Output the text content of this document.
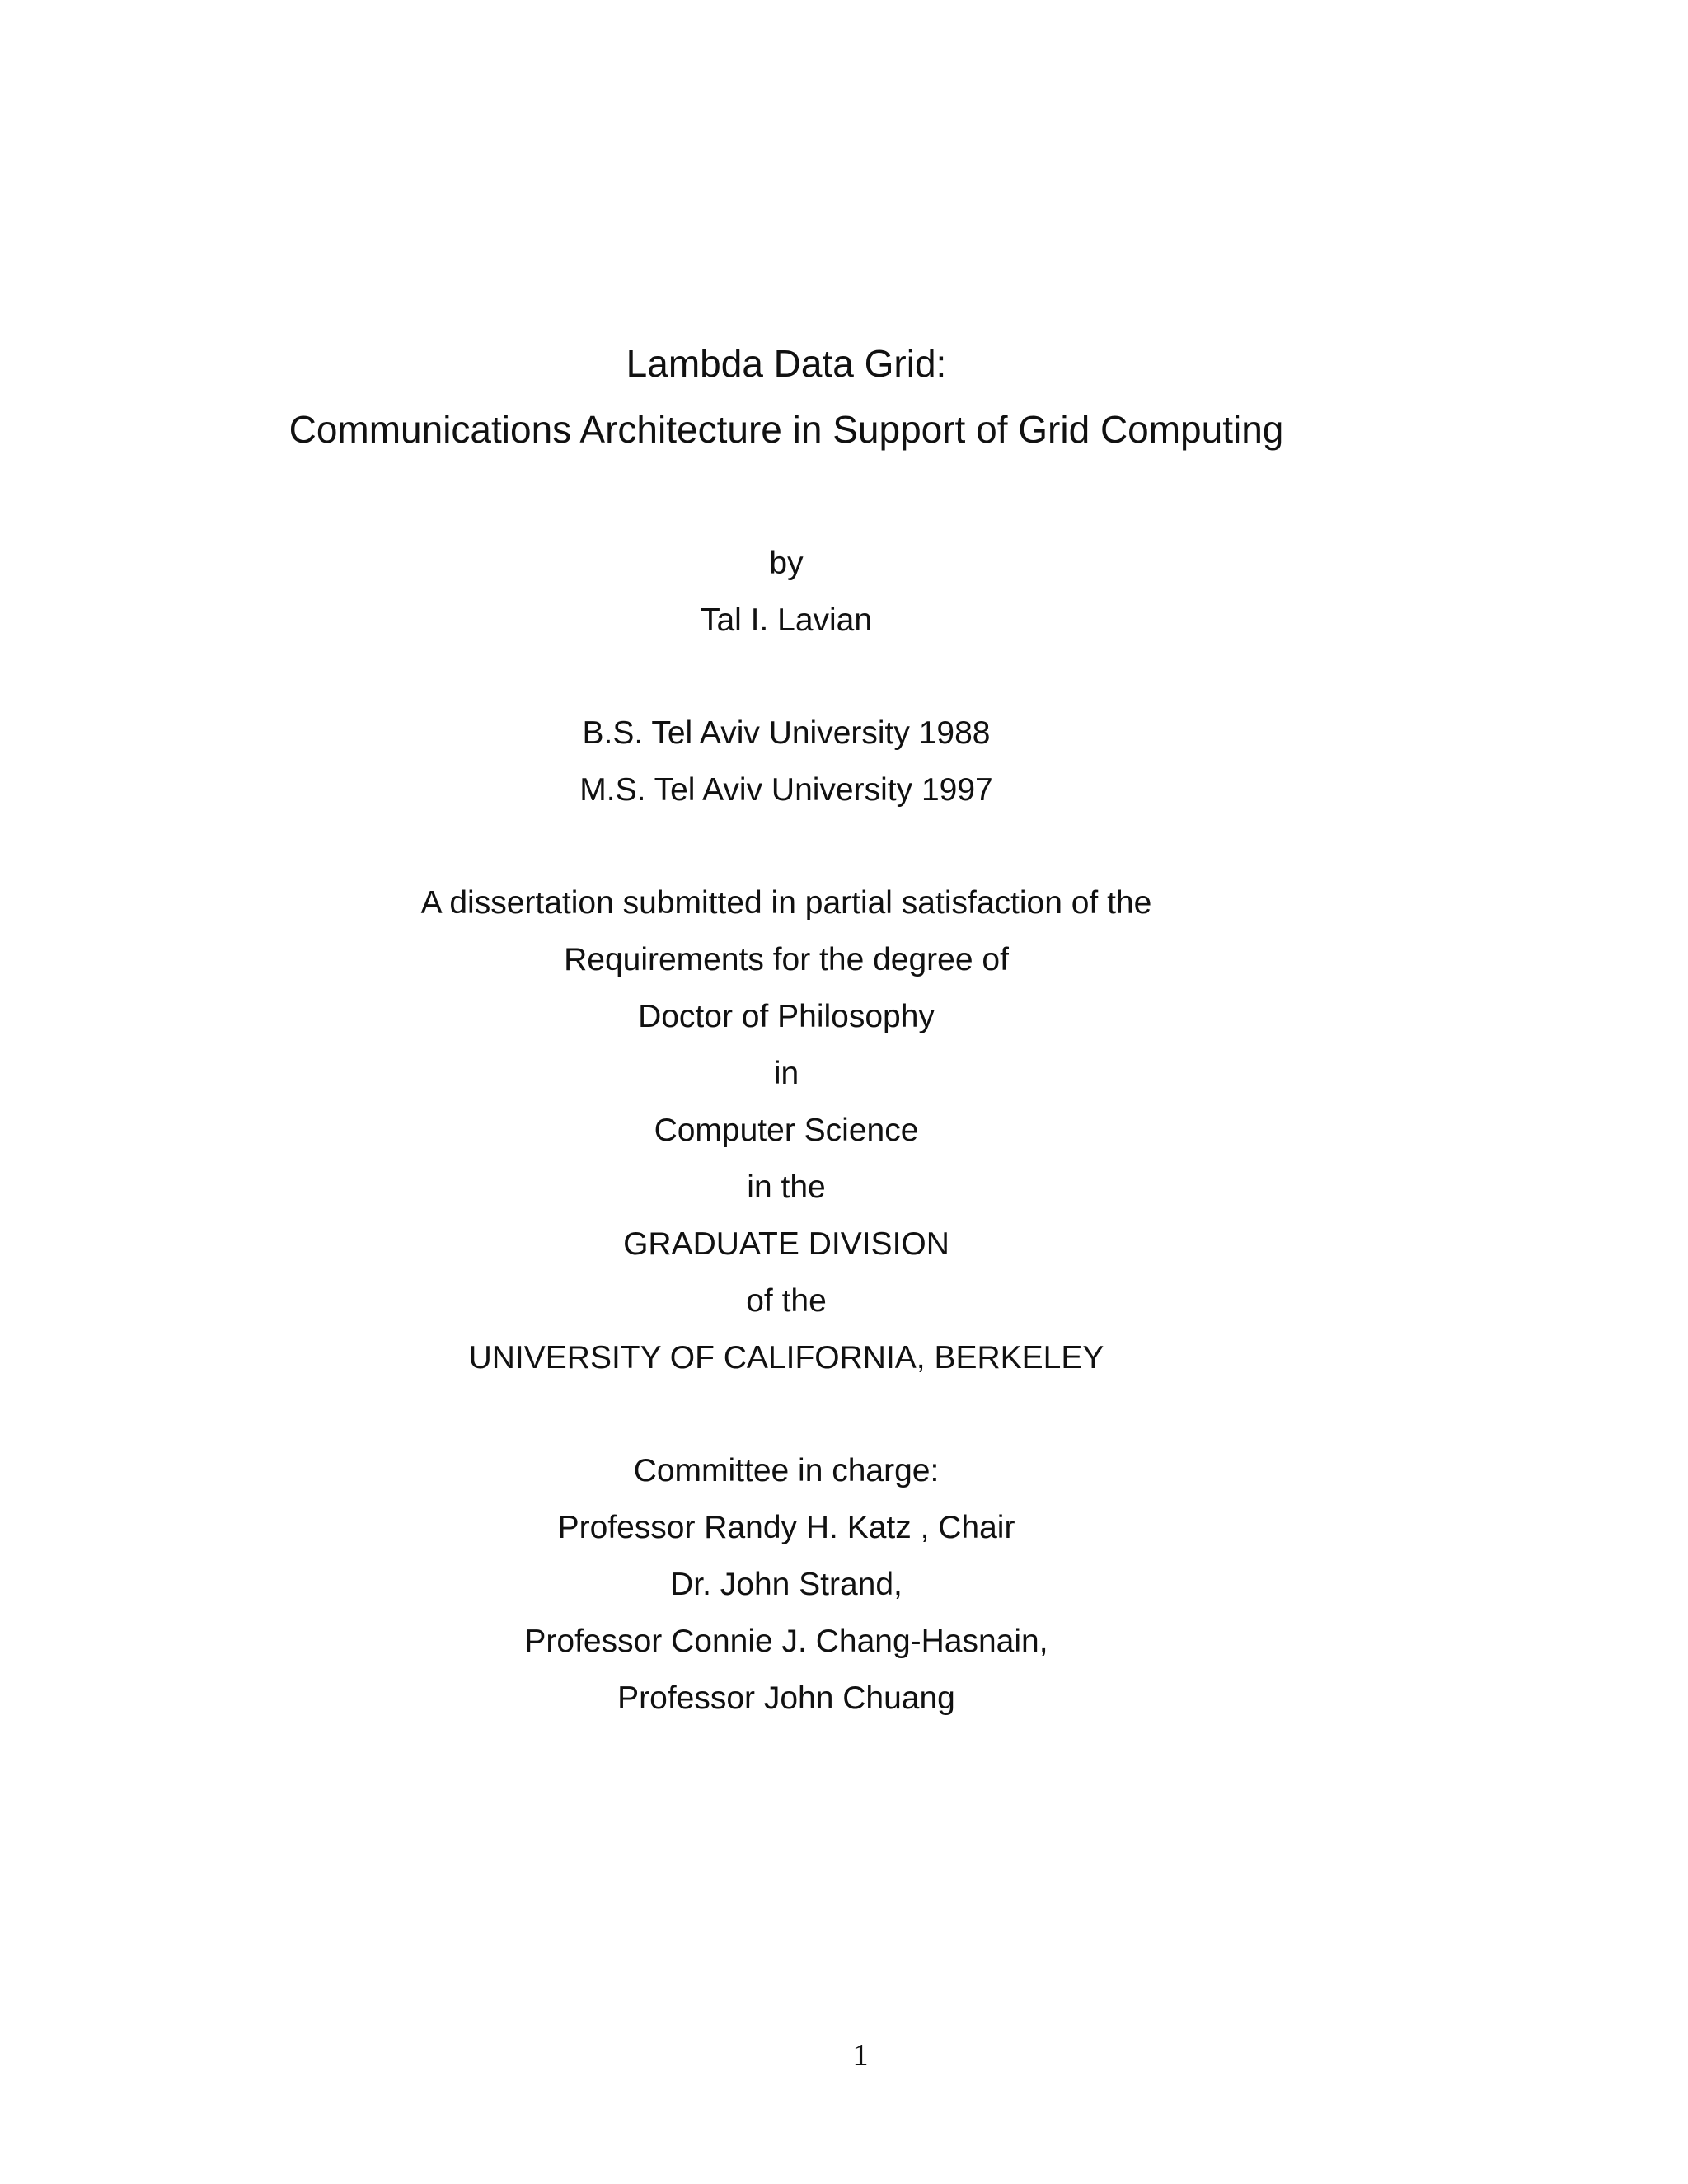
Lambda Data Grid:
Communications Architecture in Support of Grid Computing
by
Tal I. Lavian
B.S. Tel Aviv University 1988
M.S. Tel Aviv University 1997
A dissertation submitted in partial satisfaction of the
Requirements for the degree of
Doctor of Philosophy
in
Computer Science
in the
GRADUATE DIVISION
of the
UNIVERSITY OF CALIFORNIA, BERKELEY
Committee in charge:
Professor Randy H. Katz , Chair
Dr. John Strand,
Professor Connie J. Chang-Hasnain,
Professor John Chuang
1
